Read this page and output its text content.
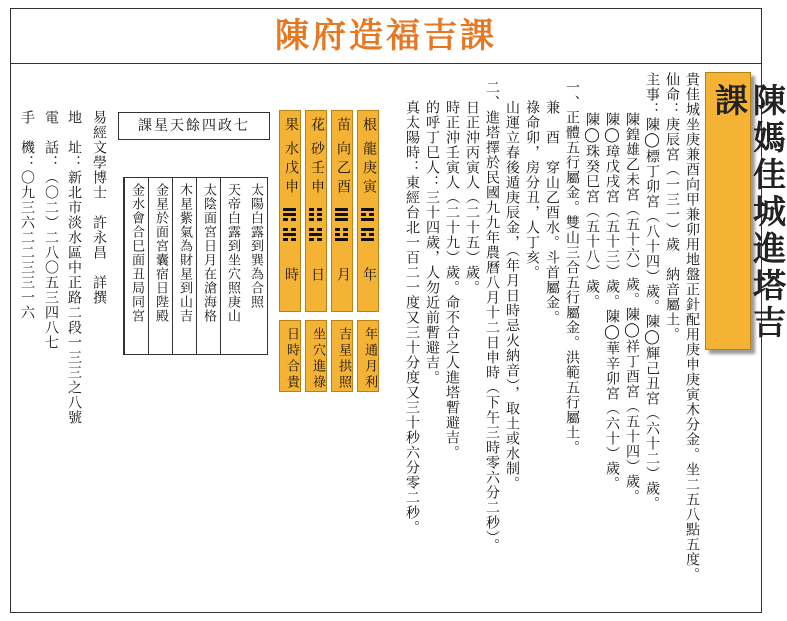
陳府造福吉課
陳媽佳城進塔吉課
貴佳城坐庚兼酉向甲兼卯用地盤正針配用庚申庚寅木分金。坐二五八點五度。
仙命：庚辰宮（一三一）歲　納音屬土。
主事：陳◯標丁卯宮（八十四）歲。陳◯輝己丑宮（六十二）歲。
陳鍠雄乙未宮（五十六）歲。陳◯祥丁酉宮（五十四）歲。
陳◯璋戊戌宮（五十三）歲。陳◯華辛卯宮（六十）歲。
陳◯珠癸巳宮（五十八）歲。
一、正體五行屬金。雙山三合五行屬金。洪範五行屬土。
兼　酉　穿山乙酉水。斗首屬金。
祿命卯，房分丑，人丁亥。
山運立春後遁庚辰金，（年月日時忌火納音），取土或水制。
二、進塔擇於民國九九年農曆八月十二日申時（下午三時零六分二秒）。
日正沖丙寅人（二十五）歲。
時正沖壬寅人（二十九）歲。命不合之人進塔暫避吉。
的呼丁巳人：三十四歲，人勿近前暫避吉。
真太陽時：東經台北一百二一度又三十分度又三十秒六分零二秒。
根
龍庚寅
年
苗
向乙酉
月
花
砂壬申
日
果
水戊申
時
年通月利
吉星拱照
坐穴進祿
日時合貴
課星天餘四政七
太陽白露到巽為合照
天帝白露到坐穴照庚山
太陰面宮日月在滄海格
木星紫氣為財星到山吉
金星於面宮囊宿日陛殿
金水會合巳面丑局同宮
易經文學博士　許永昌　詳撰
地　址：新北市淡水區中正路二段一三三之八號
電　話：（〇二）二八〇五三四八七
手　機：〇九三六二二三三一六
